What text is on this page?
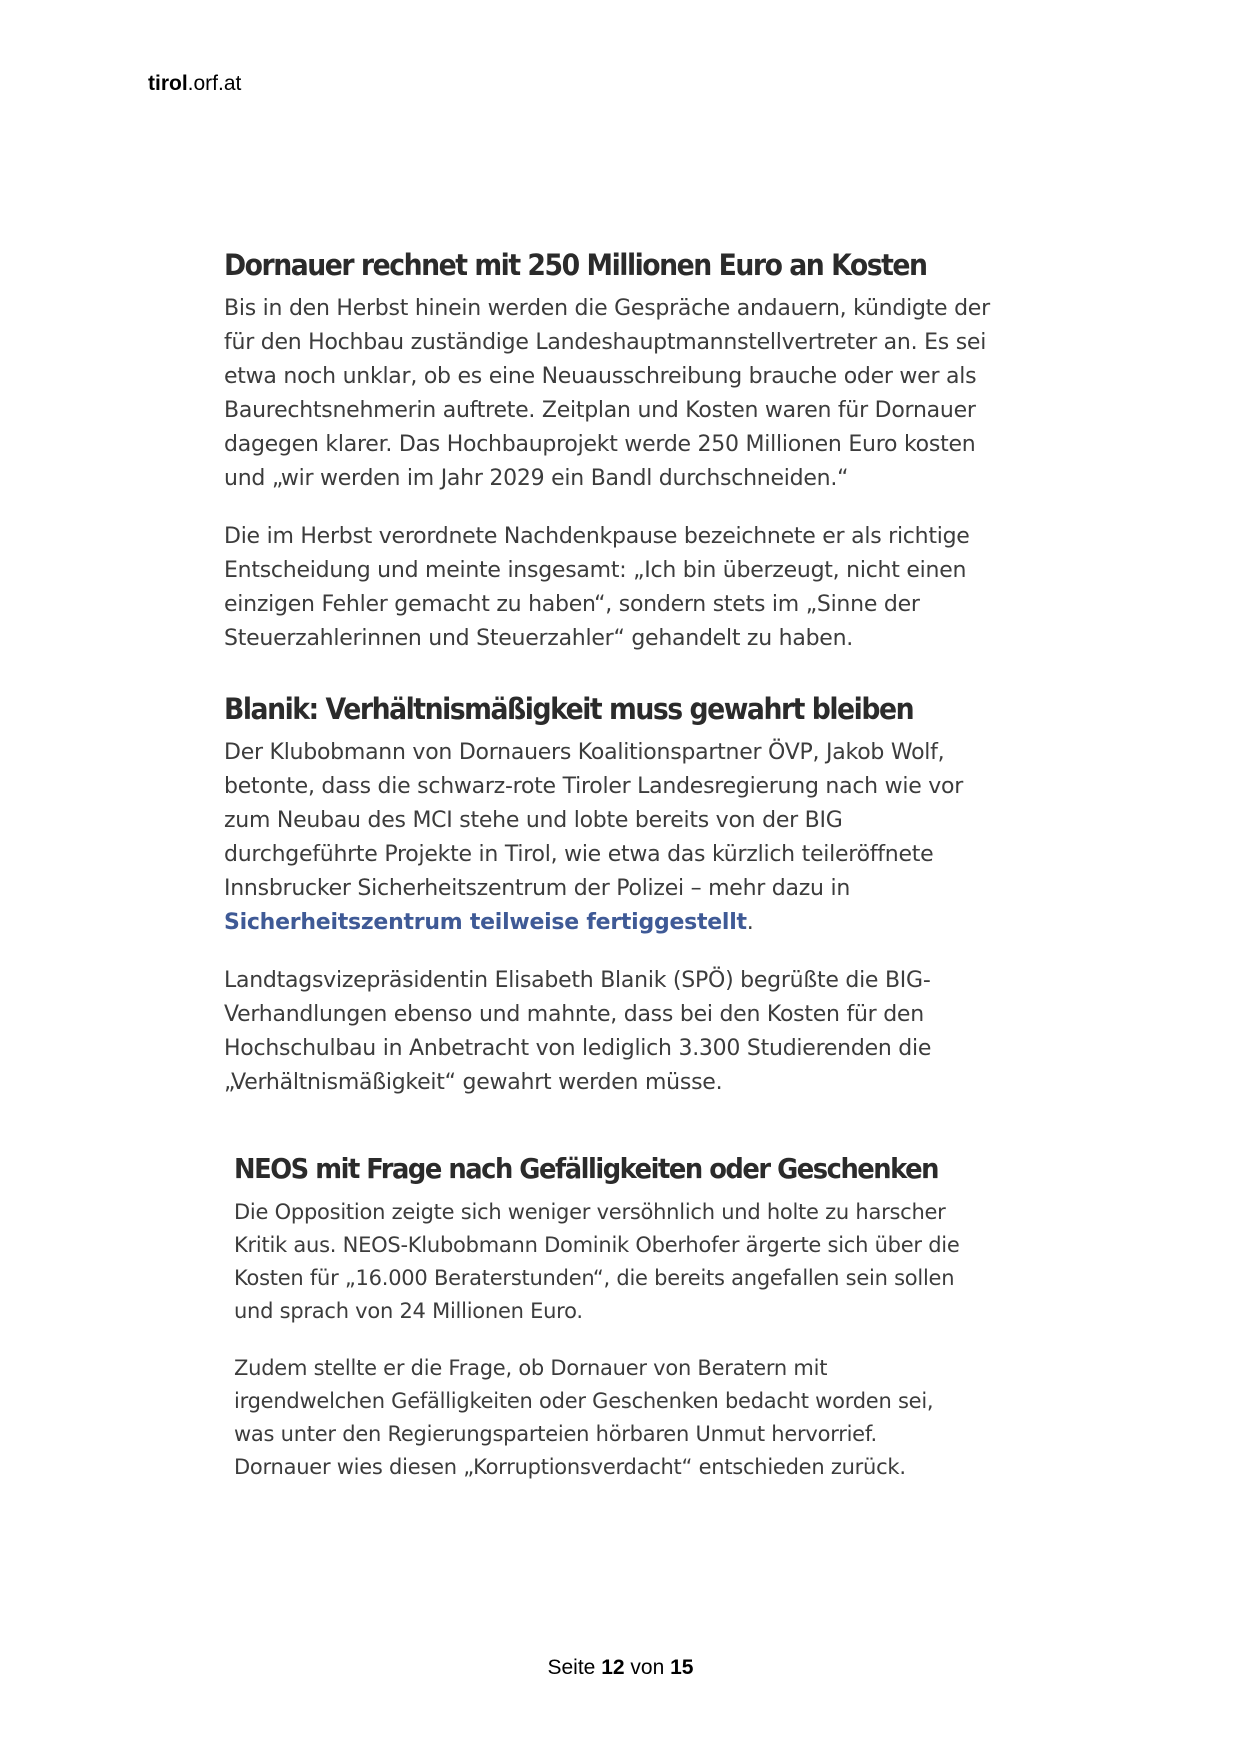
tirol.orf.at
Dornauer rechnet mit 250 Millionen Euro an Kosten

Bis in den Herbst hinein werden die Gespräche andauern, kündigte der
für den Hochbau zuständige Landeshauptmannstellvertreter an. Es sei
etwa noch unklar, ob es eine Neuausschreibung brauche oder wer als
Baurechtsnehmerin auftrete. Zeitplan und Kosten waren für Dornauer
dagegen klarer. Das Hochbauprojekt werde 250 Millionen Euro kosten
und „wir werden im Jahr 2029 ein Bandl durchschneiden.“

Die im Herbst verordnete Nachdenkpause bezeichnete er als richtige
Entscheidung und meinte insgesamt: „Ich bin überzeugt, nicht einen
einzigen Fehler gemacht zu haben“, sondern stets im „Sinne der
Steuerzahlerinnen und Steuerzahler“ gehandelt zu haben.

Blanik: Verhältnismäßigkeit muss gewahrt bleiben

Der Klubobmann von Dornauers Koalitionspartner ÖVP, Jakob Wolf,
betonte, dass die schwarz-rote Tiroler Landesregierung nach wie vor
zum Neubau des MCI stehe und lobte bereits von der BIG
durchgeführte Projekte in Tirol, wie etwa das kürzlich teileröffnete
Innsbrucker Sicherheitszentrum der Polizei – mehr dazu in
Sicherheitszentrum teilweise fertiggestellt.

Landtagsvizepräsidentin Elisabeth Blanik (SPÖ) begrüßte die BIG-
Verhandlungen ebenso und mahnte, dass bei den Kosten für den
Hochschulbau in Anbetracht von lediglich 3.300 Studierenden die
„Verhältnismäßigkeit“ gewahrt werden müsse.

NEOS mit Frage nach Gefälligkeiten oder Geschenken

Die Opposition zeigte sich weniger versöhnlich und holte zu harscher
Kritik aus. NEOS-Klubobmann Dominik Oberhofer ärgerte sich über die
Kosten für „16.000 Beraterstunden“, die bereits angefallen sein sollen
und sprach von 24 Millionen Euro.

Zudem stellte er die Frage, ob Dornauer von Beratern mit
irgendwelchen Gefälligkeiten oder Geschenken bedacht worden sei,
was unter den Regierungsparteien hörbaren Unmut hervorrief.
Dornauer wies diesen „Korruptionsverdacht“ entschieden zurück.

Seite 12 von 15
